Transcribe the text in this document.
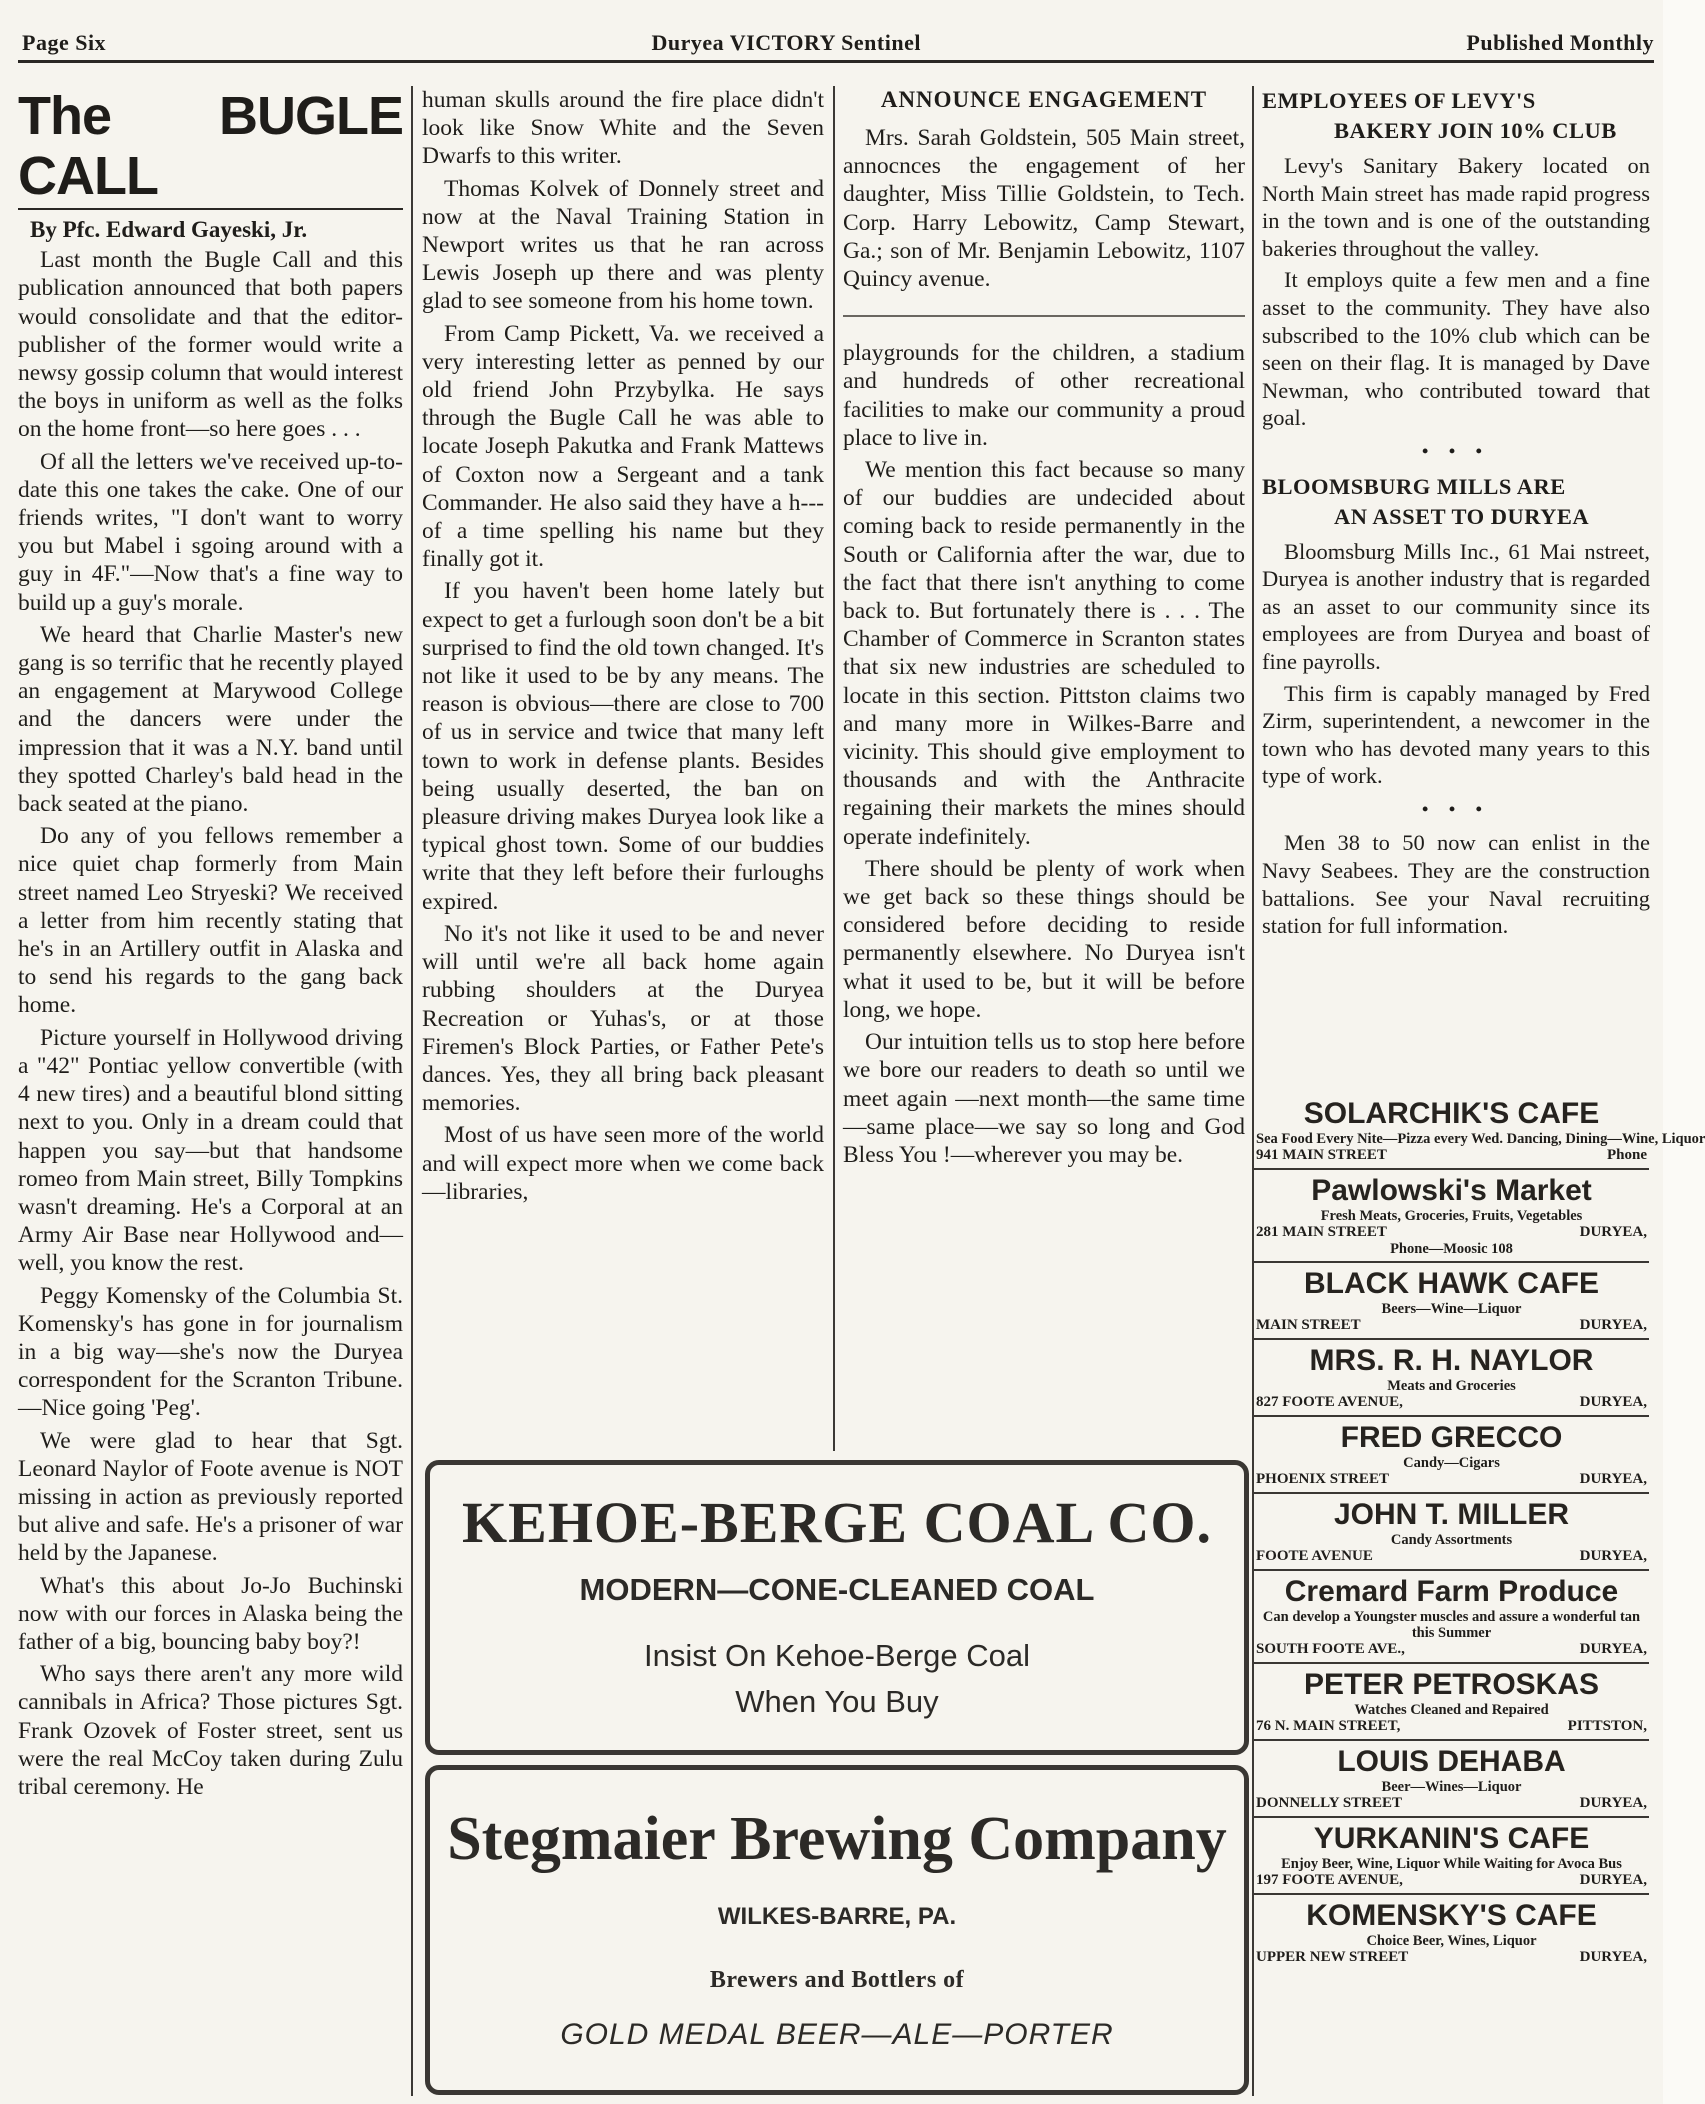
Page Six	Duryea VICTORY Sentinel	Published Monthly
The BUGLE CALL
By Pfc. Edward Gayeski, Jr.

Last month the Bugle Call and this publication announced that both papers would consolidate and that the editor-publisher of the former would write a newsy gossip column that would interest the boys in uniform as well as the folks on the home front—so here goes . . .

Of all the letters we've received up-to-date this one takes the cake. One of our friends writes, "I don't want to worry you but Mabel i sgoing around with a guy in 4F."—Now that's a fine way to build up a guy's morale.

We heard that Charlie Master's new gang is so terrific that he recently played an engagement at Marywood College and the dancers were under the impression that it was a N.Y. band until they spotted Charley's bald head in the back seated at the piano.

Do any of you fellows remember a nice quiet chap formerly from Main street named Leo Stryeski? We received a letter from him recently stating that he's in an Artillery outfit in Alaska and to send his regards to the gang back home.

Picture yourself in Hollywood driving a "42" Pontiac yellow convertible (with 4 new tires) and a beautiful blond sitting next to you. Only in a dream could that happen you say—but that handsome romeo from Main street, Billy Tompkins wasn't dreaming. He's a Corporal at an Army Air Base near Hollywood and—well, you know the rest.

Peggy Komensky of the Columbia St. Komensky's has gone in for journalism in a big way—she's now the Duryea correspondent for the Scranton Tribune. —Nice going 'Peg'.

We were glad to hear that Sgt. Leonard Naylor of Foote avenue is NOT missing in action as previously reported but alive and safe. He's a prisoner of war held by the Japanese.

What's this about Jo-Jo Buchinski now with our forces in Alaska being the father of a big, bouncing baby boy?!

Who says there aren't any more wild cannibals in Africa? Those pictures Sgt. Frank Ozovek of Foster street, sent us were the real McCoy taken during Zulu tribal ceremony. He

human skulls around the fire place didn't look like Snow White and the Seven Dwarfs to this writer.

Thomas Kolvek of Donnely street and now at the Naval Training Station in Newport writes us that he ran across Lewis Joseph up there and was plenty glad to see someone from his home town.

From Camp Pickett, Va. we received a very interesting letter as penned by our old friend John Przybylka. He says through the Bugle Call he was able to locate Joseph Pakutka and Frank Mattews of Coxton now a Sergeant and a tank Commander. He also said they have a h--- of a time spelling his name but they finally got it.

If you haven't been home lately but expect to get a furlough soon don't be a bit surprised to find the old town changed. It's not like it used to be by any means. The reason is obvious—there are close to 700 of us in service and twice that many left town to work in defense plants. Besides being usually deserted, the ban on pleasure driving makes Duryea look like a typical ghost town. Some of our buddies write that they left before their furloughs expired.

No it's not like it used to be and never will until we're all back home again rubbing shoulders at the Duryea Recreation or Yuhas's, or at those Firemen's Block Parties, or Father Pete's dances. Yes, they all bring back pleasant memories.

Most of us have seen more of the world and will expect more when we come back—libraries,

ANNOUNCE ENGAGEMENT

Mrs. Sarah Goldstein, 505 Main street, annocnces the engagement of her daughter, Miss Tillie Goldstein, to Tech. Corp. Harry Lebowitz, Camp Stewart, Ga.; son of Mr. Benjamin Lebowitz, 1107 Quincy avenue.

playgrounds for the children, a stadium and hundreds of other recreational facilities to make our community a proud place to live in.

We mention this fact because so many of our buddies are undecided about coming back to reside permanently in the South or California after the war, due to the fact that there isn't anything to come back to. But fortunately there is . . . The Chamber of Commerce in Scranton states that six new industries are scheduled to locate in this section. Pittston claims two and many more in Wilkes-Barre and vicinity. This should give employment to thousands and with the Anthracite regaining their markets the mines should operate indefinitely.

There should be plenty of work when we get back so these things should be considered before deciding to reside permanently elsewhere. No Duryea isn't what it used to be, but it will be before long, we hope.

Our intuition tells us to stop here before we bore our readers to death so until we meet again —next month—the same time—same place—we say so long and God Bless You !—wherever you may be.

EMPLOYEES OF LEVY'S
BAKERY JOIN 10% CLUB

Levy's Sanitary Bakery located on North Main street has made rapid progress in the town and is one of the outstanding bakeries throughout the valley.

It employs quite a few men and a fine asset to the community. They have also subscribed to the 10% club which can be seen on their flag. It is managed by Dave Newman, who contributed toward that goal.

• • •
BLOOMSBURG MILLS ARE
AN ASSET TO DURYEA

Bloomsburg Mills Inc., 61 Mai nstreet, Duryea is another industry that is regarded as an asset to our community since its employees are from Duryea and boast of fine payrolls.

This firm is capably managed by Fred Zirm, superintendent, a newcomer in the town who has devoted many years to this type of work.

• • •

Men 38 to 50 now can enlist in the Navy Seabees. They are the construction battalions. See your Naval recruiting station for full information.

SOLARCHIK'S CAFE
Sea Food Every Nite—Pizza every Wed. Dancing, Dining—Wine, Liquor
941 MAIN STREET	Phone
Pawlowski's Market
Fresh Meats, Groceries, Fruits, Vegetables
281 MAIN STREET	DURYEA,
Phone—Moosic 108
BLACK HAWK CAFE
Beers—Wine—Liquor
MAIN STREET	DURYEA,
MRS. R. H. NAYLOR
Meats and Groceries
827 FOOTE AVENUE,	DURYEA,
FRED GRECCO
Candy—Cigars
PHOENIX STREET	DURYEA,
JOHN T. MILLER
Candy Assortments
FOOTE AVENUE	DURYEA,
Cremard Farm Produce
Can develop a Youngster muscles and assure a wonderful tan this Summer
SOUTH FOOTE AVE.,	DURYEA,
PETER PETROSKAS
Watches Cleaned and Repaired
76 N. MAIN STREET,	PITTSTON,
LOUIS DEHABA
Beer—Wines—Liquor
DONNELLY STREET	DURYEA,
YURKANIN'S CAFE
Enjoy Beer, Wine, Liquor While Waiting for Avoca Bus
197 FOOTE AVENUE,	DURYEA,
KOMENSKY'S CAFE
Choice Beer, Wines, Liquor
UPPER NEW STREET	DURYEA,
KEHOE-BERGE COAL CO.
MODERN—CONE-CLEANED COAL
Insist On Kehoe-Berge Coal
When You Buy
Stegmaier Brewing Company
WILKES-BARRE, PA.
Brewers and Bottlers of
GOLD MEDAL BEER—ALE—PORTER
